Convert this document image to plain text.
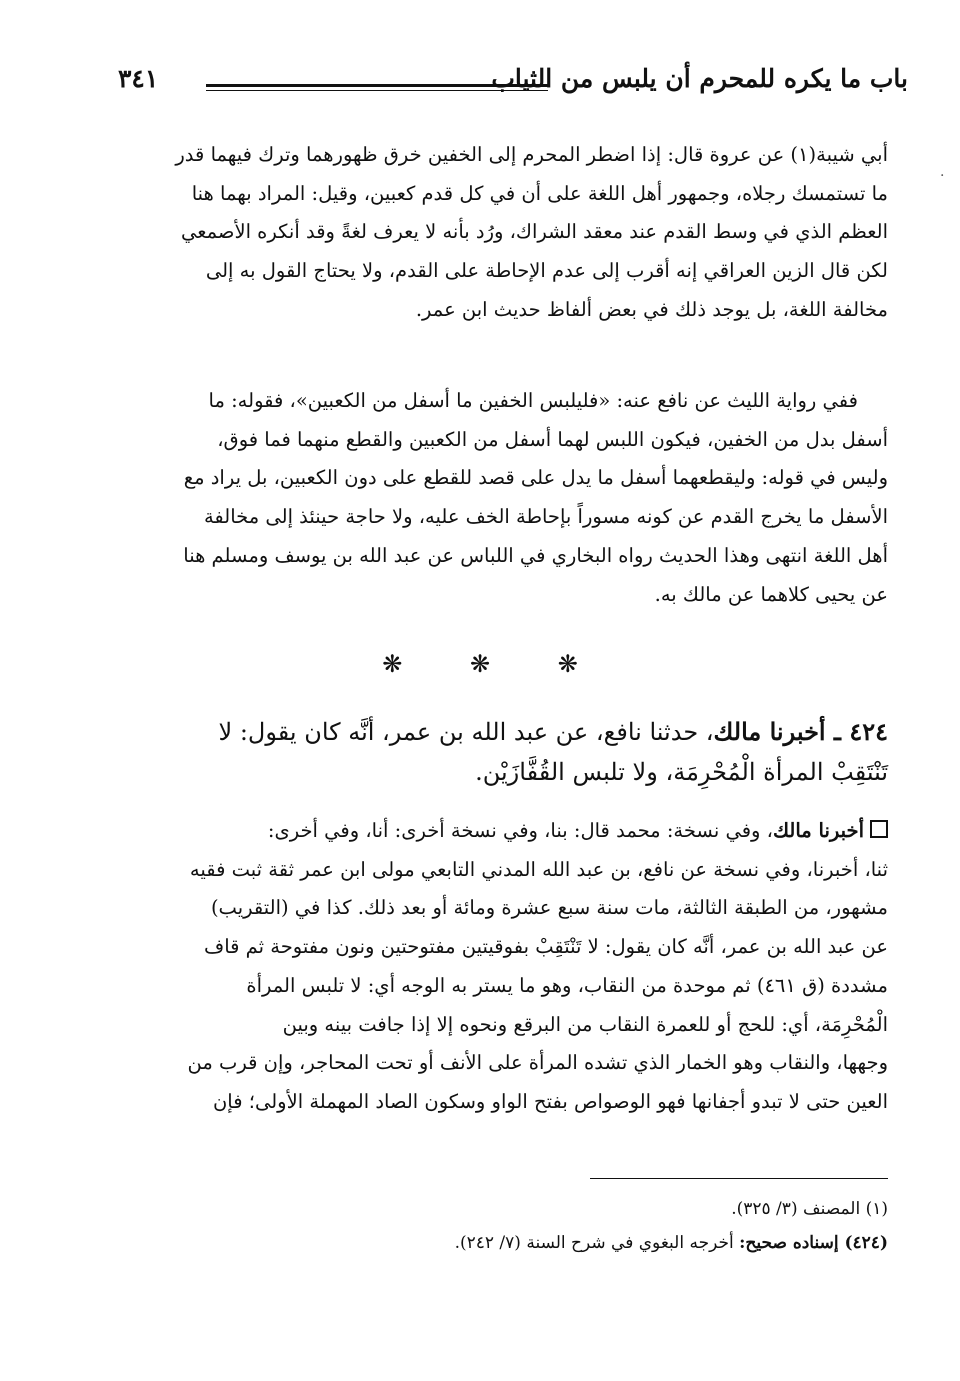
باب ما يكره للمحرم أن يلبس من الثياب
٣٤١
·

أبي شيبة(١) عن عروة قال: إذا اضطر المحرم إلى الخفين خرق ظهورهما وترك فيهما قدر

ما تستمسك رجلاه، وجمهور أهل اللغة على أن في كل قدم كعبين، وقيل: المراد بهما هنا

العظم الذي في وسط القدم عند معقد الشراك، ورُد بأنه لا يعرف لغةً وقد أنكره الأصمعي

لكن قال الزين العراقي إنه أقرب إلى عدم الإحاطة على القدم، ولا يحتاج القول به إلى

مخالفة اللغة، بل يوجد ذلك في بعض ألفاظ حديث ابن عمر.

ففي رواية الليث عن نافع عنه: «فليلبس الخفين ما أسفل من الكعبين»، فقوله: ما

أسفل بدل من الخفين، فيكون اللبس لهما أسفل من الكعبين والقطع منهما فما فوق،

وليس في قوله: وليقطعهما أسفل ما يدل على قصد للقطع على دون الكعبين، بل يراد مع

الأسفل ما يخرج القدم عن كونه مسوراً بإحاطة الخف عليه، ولا حاجة حينئذ إلى مخالفة

أهل اللغة انتهى وهذا الحديث رواه البخاري في اللباس عن عبد الله بن يوسف ومسلم هنا

عن يحيى كلاهما عن مالك به.

❋ ❋ ❋

٤٢٤ ـ أخبرنا مالك، حدثنا نافع، عن عبد الله بن عمر، أنَّه كان يقول: لا

تَنْتَقِبْ المرأة الْمُحْرِمَة، ولا تلبس القُفَّازَيْن.

أخبرنا مالك، وفي نسخة: محمد قال: بنا، وفي نسخة أخرى: أنا، وفي أخرى:

ثنا، أخبرنا، وفي نسخة عن نافع، بن عبد الله المدني التابعي مولى ابن عمر ثقة ثبت فقيه

مشهور، من الطبقة الثالثة، مات سنة سبع عشرة ومائة أو بعد ذلك. كذا في (التقريب)

عن عبد الله بن عمر، أنَّه كان يقول: لا تَنْتَقِبْ بفوقيتين مفتوحتين ونون مفتوحة ثم قاف

مشددة (ق ٤٦١) ثم موحدة من النقاب، وهو ما يستر به الوجه أي: لا تلبس المرأة

الْمُحْرِمَة، أي: للحج أو للعمرة النقاب من البرقع ونحوه إلا إذا جافت بينه وبين

وجهها، والنقاب وهو الخمار الذي تشده المرأة على الأنف أو تحت المحاجر، وإن قرب من

العين حتى لا تبدو أجفانها فهو الوصواص بفتح الواو وسكون الصاد المهملة الأولى؛ فإن

(١) المصنف (٣/ ٣٢٥).

(٤٢٤) إسناده صحيح: أخرجه البغوي في شرح السنة (٧/ ٢٤٢).
